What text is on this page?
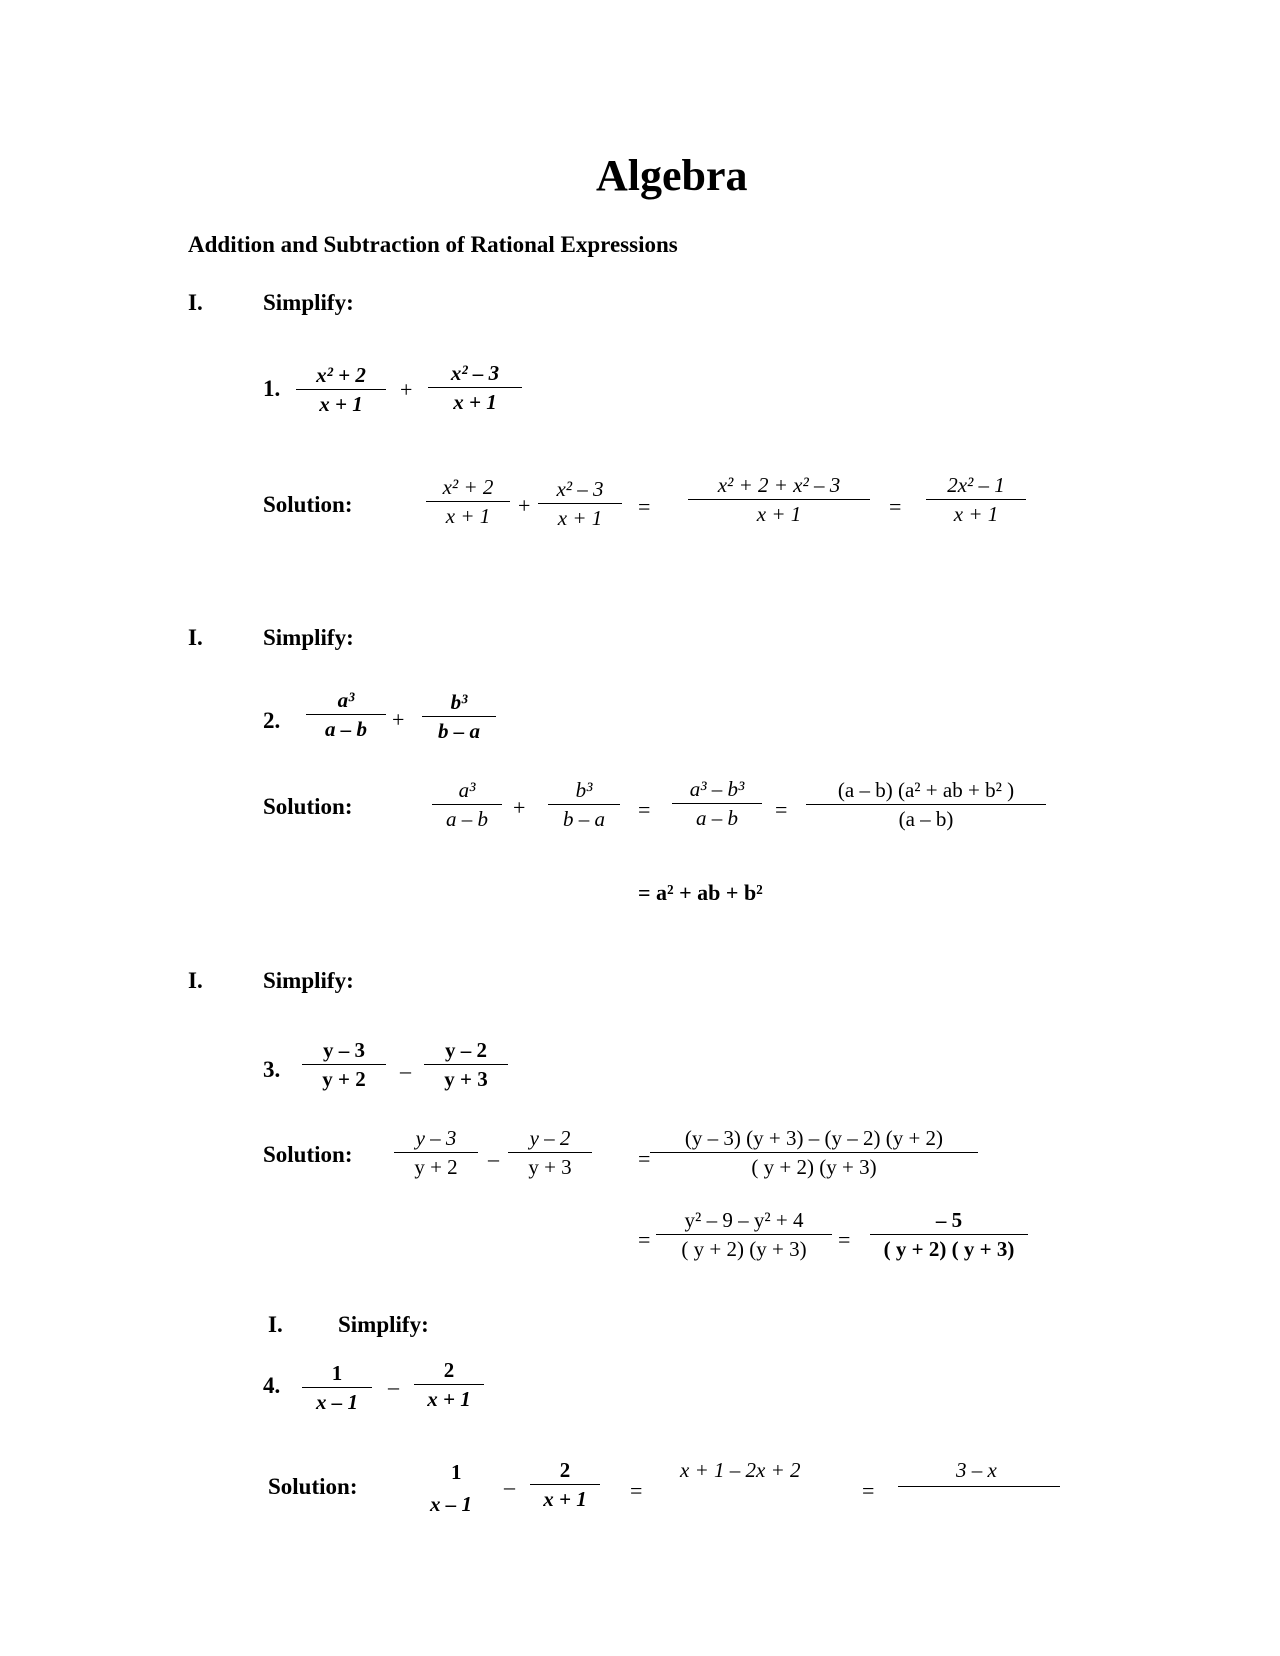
Algebra
Addition and Subtraction of Rational Expressions
I.	Simplify:
1. $\frac{\text{x² + 2}}{x + 1} + \frac{\text{x² – 3}}{x + 1}$
Solution:	$\frac{\text{x² + 2}}{x + 1} + \frac{\text{x² – 3}}{x + 1} = \frac{\text{x² + 2 + x² – 3}}{x + 1} = \frac{\text{2x² – 1}}{x + 1}$
I.	Simplify:
2. $\frac{\text{a³}}{a - b} + \frac{\text{b³}}{b - a}$
Solution:	$\frac{\text{a³}}{a - b} + \frac{\text{b³}}{b - a} = \frac{\text{a³ – b³}}{a - b} = \frac{\text{(a – b) (a² + ab + b² )}}{(a - b)}$
= a² + ab + b²
I.	Simplify:
3. $\frac{y - 3}{y + 2} - \frac{y - 2}{y + 3}$
Solution: $\frac{y - 3}{y + 2} - \frac{y - 2}{y + 3} = \frac{(y - 3) (y + 3) - (y - 2) (y + 2)}{( y + 2) (y + 3)}$
= $\frac{\text{y² – 9 – y² + 4}}{( y + 2) (y + 3)} = \frac{- 5}{( y + 2) ( y + 3)}$
I. Simplify:
4. $\frac{1}{x - 1} - \frac{2}{x + 1}$
Solution:
1
x – 1
– $\frac{2}{x + 1}$ =
x + 1 – 2x + 2
=
3 – x
